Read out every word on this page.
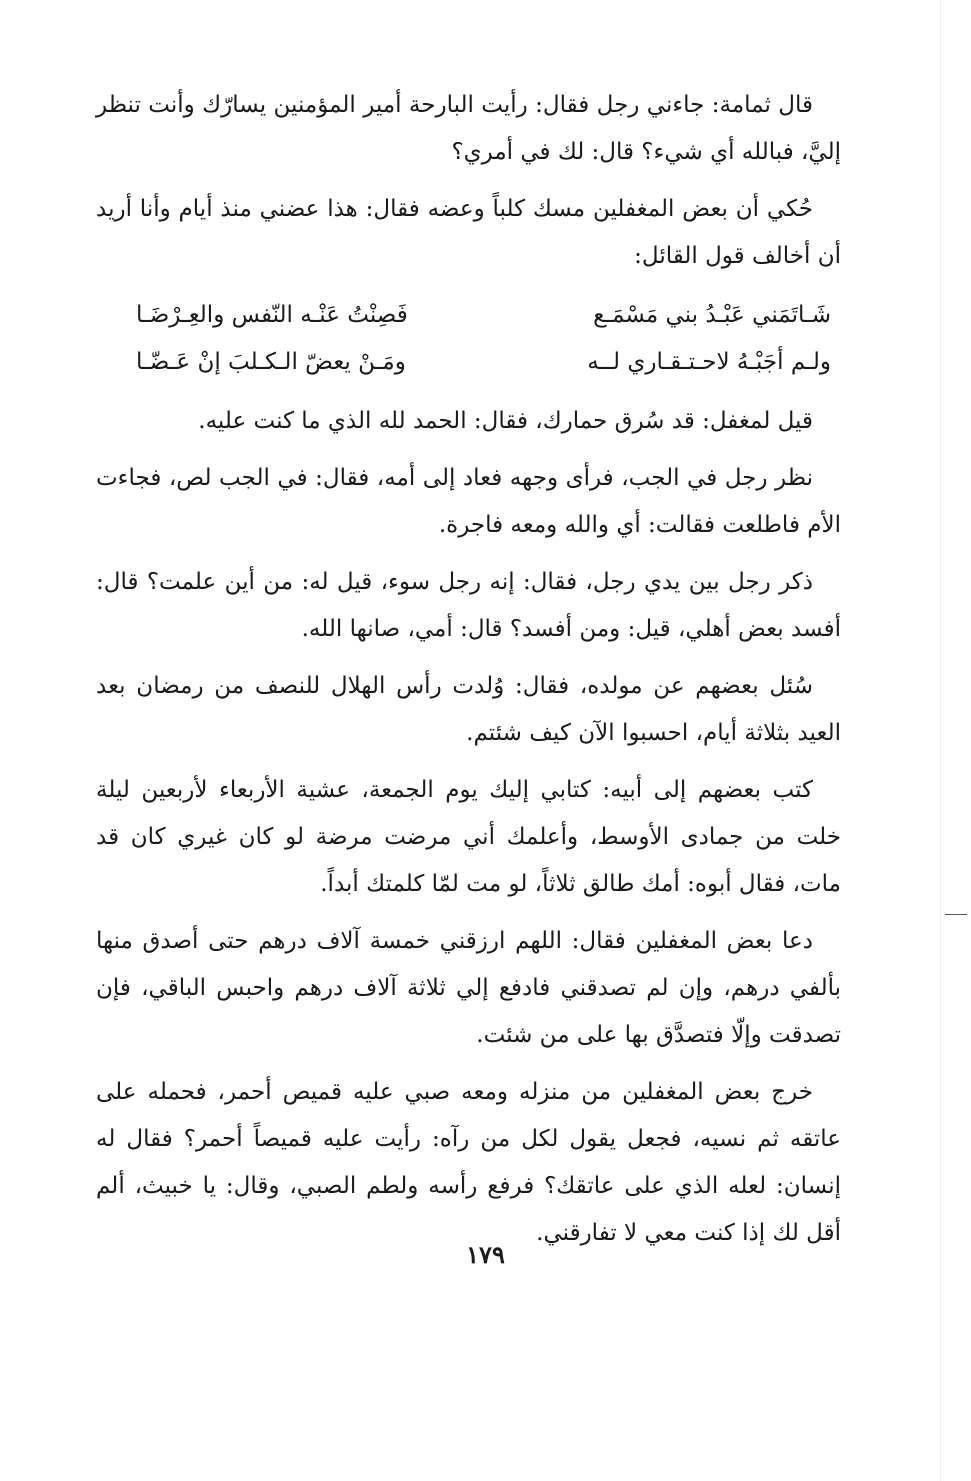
قال ثمامة: جاءني رجل فقال: رأيت البارحة أمير المؤمنين يسارّك وأنت تنظر إليَّ، فبالله أي شيء؟ قال: لك في أمري؟

حُكي أن بعض المغفلين مسك كلباً وعضه فقال: هذا عضني منذ أيام وأنا أريد أن أخالف قول القائل:

شَـاتَمَني عَبْـدُ بني مَسْمَـع
فَصِنْتُ عَنْـه النّفس والعِـرْضَـا
ولـم أجَبْـهُ لاحـتـقـاري لــه
ومَـنْ يعضّ الـكـلبَ إنْ عَـضّـا

قيل لمغفل: قد سُرق حمارك، فقال: الحمد لله الذي ما كنت عليه.

نظر رجل في الجب، فرأى وجهه فعاد إلى أمه، فقال: في الجب لص، فجاءت الأم فاطلعت فقالت: أي والله ومعه فاجرة.

ذكر رجل بين يدي رجل، فقال: إنه رجل سوء، قيل له: من أين علمت؟ قال: أفسد بعض أهلي، قيل: ومن أفسد؟ قال: أمي، صانها الله.

سُئل بعضهم عن مولده، فقال: وُلدت رأس الهلال للنصف من رمضان بعد العيد بثلاثة أيام، احسبوا الآن كيف شئتم.

كتب بعضهم إلى أبيه: كتابي إليك يوم الجمعة، عشية الأربعاء لأربعين ليلة خلت من جمادى الأوسط، وأعلمك أني مرضت مرضة لو كان غيري كان قد مات، فقال أبوه: أمك طالق ثلاثاً، لو مت لمّا كلمتك أبداً.

دعا بعض المغفلين فقال: اللهم ارزقني خمسة آلاف درهم حتى أصدق منها بألفي درهم، وإن لم تصدقني فادفع إلي ثلاثة آلاف درهم واحبس الباقي، فإن تصدقت وإلّا فتصدَّق بها على من شئت.

خرج بعض المغفلين من منزله ومعه صبي عليه قميص أحمر، فحمله على عاتقه ثم نسيه، فجعل يقول لكل من رآه: رأيت عليه قميصاً أحمر؟ فقال له إنسان: لعله الذي على عاتقك؟ فرفع رأسه ولطم الصبي، وقال: يا خبيث، ألم أقل لك إذا كنت معي لا تفارقني.

١٧٩
